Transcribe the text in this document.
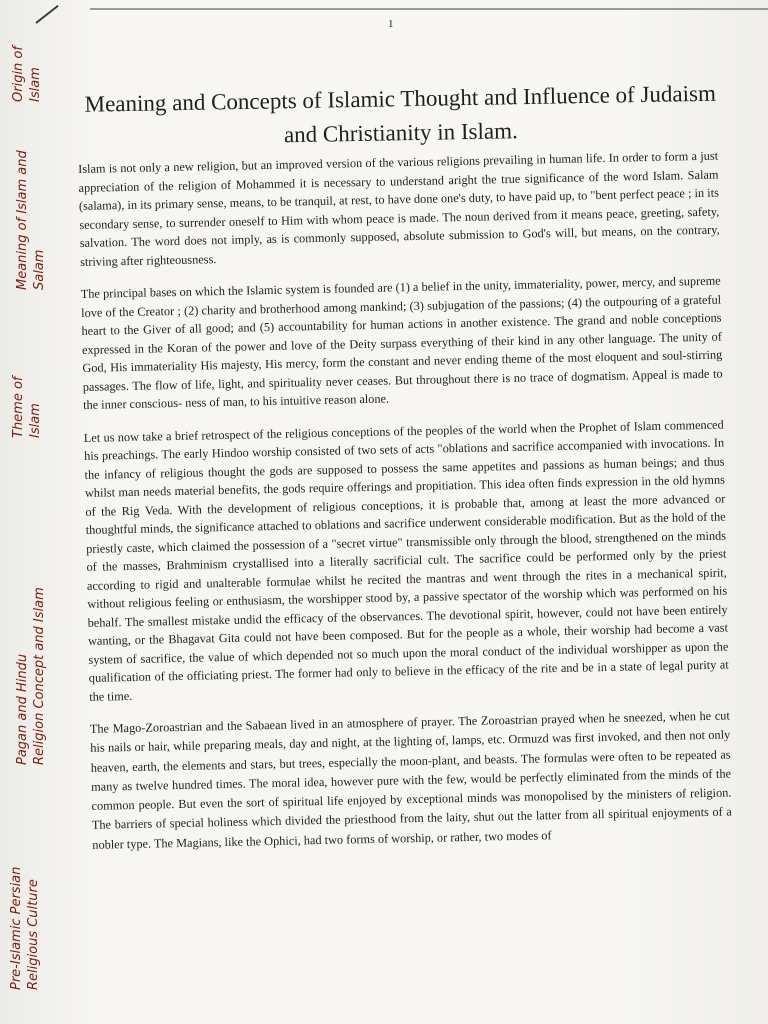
1
Origin of Islam
Meaning of Islam and Salam
Theme of Islam
Pagan and Hindu Religion Concept and Islam
Pre-Islamic Persian Religious Culture
Meaning and Concepts of Islamic Thought and Influence of Judaism and Christianity in Islam.

Islam is not only a new religion, but an improved version of the various religions prevailing in human life. In order to form a just appreciation of the religion of Mohammed it is necessary to understand aright the true significance of the word Islam. Salam (salama), in its primary sense, means, to be tranquil, at rest, to have done one's duty, to have paid up, to "bent perfect peace ; in its secondary sense, to surrender oneself to Him with whom peace is made. The noun derived from it means peace, greeting, safety, salvation. The word does not imply, as is commonly supposed, absolute submission to God's will, but means, on the contrary, striving after righteousness.

The principal bases on which the Islamic system is founded are (1) a belief in the unity, immateriality, power, mercy, and supreme love of the Creator ; (2) charity and brotherhood among mankind; (3) subjugation of the passions; (4) the outpouring of a grateful heart to the Giver of all good; and (5) accountability for human actions in another existence. The grand and noble conceptions expressed in the Koran of the power and love of the Deity surpass everything of their kind in any other language. The unity of God, His immateriality His majesty, His mercy, form the constant and never ending theme of the most eloquent and soul-stirring passages. The flow of life, light, and spirituality never ceases. But throughout there is no trace of dogmatism. Appeal is made to the inner conscious- ness of man, to his intuitive reason alone.

Let us now take a brief retrospect of the religious conceptions of the peoples of the world when the Prophet of Islam commenced his preachings. The early Hindoo worship consisted of two sets of acts "oblations and sacrifice accompanied with invocations. In the infancy of religious thought the gods are supposed to possess the same appetites and passions as human beings; and thus whilst man needs material benefits, the gods require offerings and propitiation. This idea often finds expression in the old hymns of the Rig Veda. With the development of religious conceptions, it is probable that, among at least the more advanced or thoughtful minds, the significance attached to oblations and sacrifice underwent considerable modification. But as the hold of the priestly caste, which claimed the possession of a "secret virtue" transmissible only through the blood, strengthened on the minds of the masses, Brahminism crystallised into a literally sacrificial cult. The sacrifice could be performed only by the priest according to rigid and unalterable formulae whilst he recited the mantras and went through the rites in a mechanical spirit, without religious feeling or enthusiasm, the worshipper stood by, a passive spectator of the worship which was performed on his behalf. The smallest mistake undid the efficacy of the observances. The devotional spirit, however, could not have been entirely wanting, or the Bhagavat Gita could not have been composed. But for the people as a whole, their worship had become a vast system of sacrifice, the value of which depended not so much upon the moral conduct of the individual worshipper as upon the qualification of the officiating priest. The former had only to believe in the efficacy of the rite and be in a state of legal purity at the time.

The Mago-Zoroastrian and the Sabaean lived in an atmosphere of prayer. The Zoroastrian prayed when he sneezed, when he cut his nails or hair, while preparing meals, day and night, at the lighting of, lamps, etc. Ormuzd was first invoked, and then not only heaven, earth, the elements and stars, but trees, especially the moon-plant, and beasts. The formulas were often to be repeated as many as twelve hundred times. The moral idea, however pure with the few, would be perfectly eliminated from the minds of the common people. But even the sort of spiritual life enjoyed by exceptional minds was monopolised by the ministers of religion. The barriers of special holiness which divided the priesthood from the laity, shut out the latter from all spiritual enjoyments of a nobler type. The Magians, like the Ophici, had two forms of worship, or rather, two modes of
